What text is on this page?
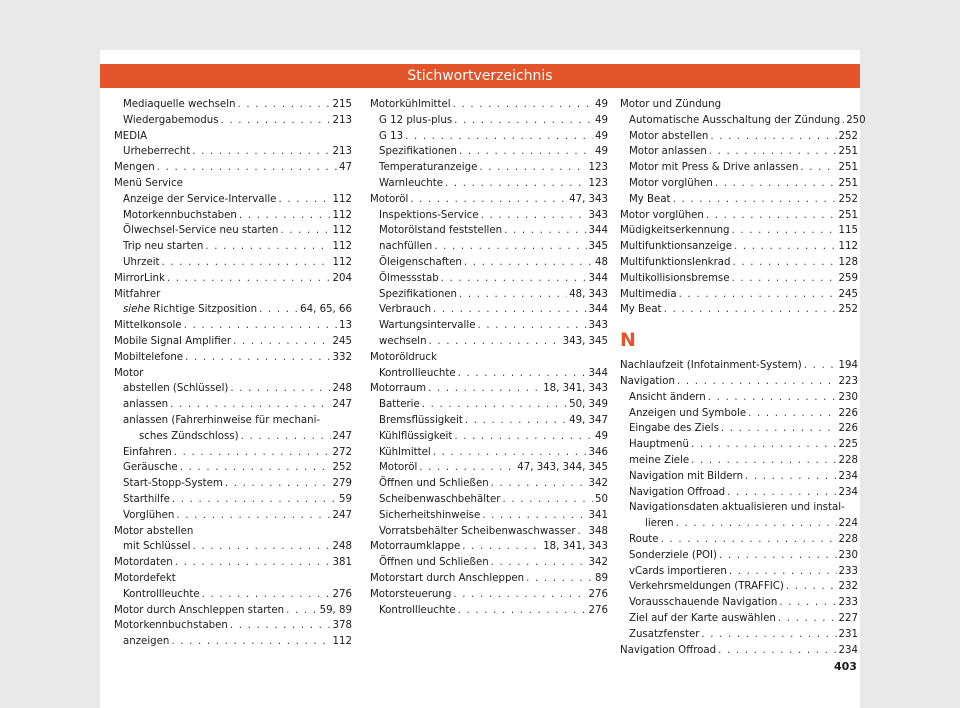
Stichwortverzeichnis
Mediaquelle wechseln . . .	215
Wiedergabemodus . . .	213
MEDIA
Urheberrecht . . .	213
Mengen . . .	47
Menü Service
Anzeige der Service-Intervalle . . .	112
Motorkennbuchstaben . . .	112
Ölwechsel-Service neu starten . . .	112
Trip neu starten . . .	112
Uhrzeit . . .	112
MirrorLink . . .	204
Mitfahrer
siehe Richtige Sitzposition . . .	64, 65, 66
Mittelkonsole . . .	13
Mobile Signal Amplifier . . .	245
Mobiltelefone . . .	332
Motor
abstellen (Schlüssel) . . .	248
anlassen . . .	247
anlassen (Fahrerhinweise für mechani-
sches Zündschloss) . . .	247
Einfahren . . .	272
Geräusche . . .	252
Start-Stopp-System . . .	279
Starthilfe . . .	59
Vorglühen . . .	247
Motor abstellen
mit Schlüssel . . .	248
Motordaten . . .	381
Motordefekt
Kontrollleuchte . . .	276
Motor durch Anschleppen starten . . .	59, 89
Motorkennbuchstaben . . .	378
anzeigen . . .	112
Motorkühlmittel . . .	49
G 12 plus-plus . . .	49
G 13 . . .	49
Spezifikationen . . .	49
Temperaturanzeige . . .	123
Warnleuchte . . .	123
Motoröl . . .	47, 343
Inspektions-Service . . .	343
Motorölstand feststellen . . .	344
nachfüllen . . .	345
Öleigenschaften . . .	48
Ölmessstab . . .	344
Spezifikationen . . .	48, 343
Verbrauch . . .	344
Wartungsintervalle . . .	343
wechseln . . .	343, 345
Motoröldruck
Kontrollleuchte . . .	344
Motorraum . . .	18, 341, 343
Batterie . . .	50, 349
Bremsflüssigkeit . . .	49, 347
Kühlflüssigkeit . . .	49
Kühlmittel . . .	346
Motoröl . . .	47, 343, 344, 345
Öffnen und Schließen . . .	342
Scheibenwaschbehälter . . .	50
Sicherheitshinweise . . .	341
Vorratsbehälter Scheibenwaschwasser . . . 348
Motorraumklappe . . .	18, 341, 343
Öffnen und Schließen . . .	342
Motorstart durch Anschleppen . . .	89
Motorsteuerung . . .	276
Kontrollleuchte . . .	276
Motor und Zündung
Automatische Ausschaltung der Zündung . . . 250
Motor abstellen . . .	252
Motor anlassen . . .	251
Motor mit Press & Drive anlassen . . .	251
Motor vorglühen . . .	251
My Beat . . .	252
Motor vorglühen . . .	251
Müdigkeitserkennung . . .	115
Multifunktionsanzeige . . .	112
Multifunktionslenkrad . . .	128
Multikollisionsbremse . . .	259
Multimedia . . .	245
My Beat . . .	252
N
Nachlaufzeit (Infotainment-System) . . .	194
Navigation . . .	223
Ansicht ändern . . .	230
Anzeigen und Symbole . . .	226
Eingabe des Ziels . . .	226
Hauptmenü . . .	225
meine Ziele . . .	228
Navigation mit Bildern . . .	234
Navigation Offroad . . .	234
Navigationsdaten aktualisieren und instal-
lieren . . .	224
Route . . .	228
Sonderziele (POI) . . .	230
vCards importieren . . .	233
Verkehrsmeldungen (TRAFFIC) . . .	232
Vorausschauende Navigation . . .	233
Ziel auf der Karte auswählen . . .	227
Zusatzfenster . . .	231
Navigation Offroad . . .	234
403
